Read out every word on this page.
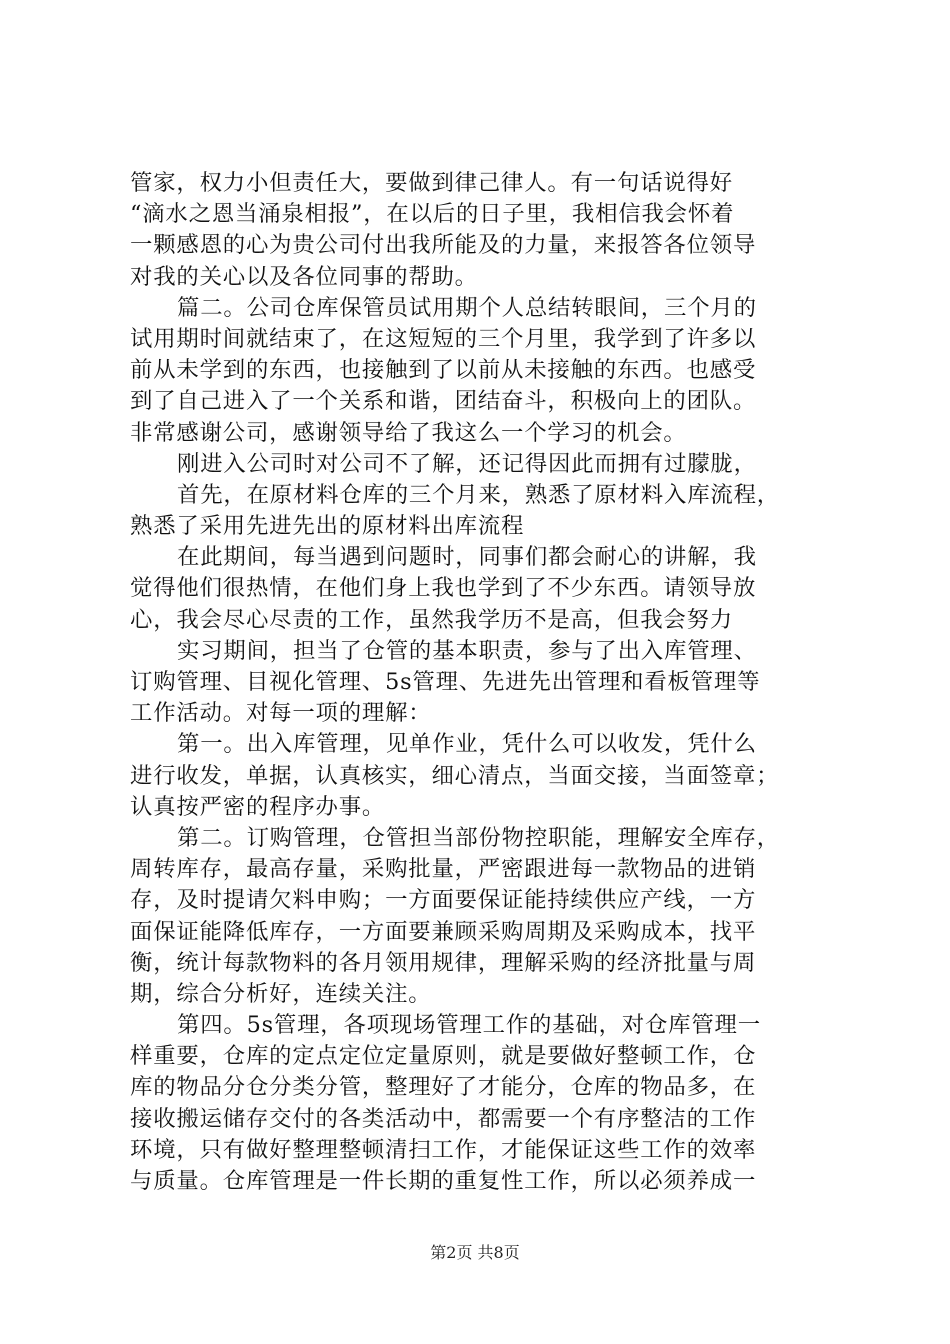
管家，权力小但责任大，要做到律己律人。有一句话说得好
“滴水之恩当涌泉相报”，在以后的日子里，我相信我会怀着
一颗感恩的心为贵公司付出我所能及的力量，来报答各位领导
对我的关心以及各位同事的帮助。
篇二。公司仓库保管员试用期个人总结转眼间，三个月的
试用期时间就结束了，在这短短的三个月里，我学到了许多以
前从未学到的东西，也接触到了以前从未接触的东西。也感受
到了自己进入了一个关系和谐，团结奋斗，积极向上的团队。
非常感谢公司，感谢领导给了我这么一个学习的机会。
刚进入公司时对公司不了解，还记得因此而拥有过朦胧，
首先，在原材料仓库的三个月来，熟悉了原材料入库流程，
熟悉了采用先进先出的原材料出库流程
在此期间，每当遇到问题时，同事们都会耐心的讲解，我
觉得他们很热情，在他们身上我也学到了不少东西。请领导放
心，我会尽心尽责的工作，虽然我学历不是高，但我会努力
实习期间，担当了仓管的基本职责，参与了出入库管理、
订购管理、目视化管理、5s管理、先进先出管理和看板管理等
工作活动。对每一项的理解：
第一。出入库管理，见单作业，凭什么可以收发，凭什么
进行收发，单据，认真核实，细心清点，当面交接，当面签章；
认真按严密的程序办事。
第二。订购管理，仓管担当部份物控职能，理解安全库存，
周转库存，最高存量，采购批量，严密跟进每一款物品的进销
存，及时提请欠料申购；一方面要保证能持续供应产线，一方
面保证能降低库存，一方面要兼顾采购周期及采购成本，找平
衡，统计每款物料的各月领用规律，理解采购的经济批量与周
期，综合分析好，连续关注。
第四。5s管理，各项现场管理工作的基础，对仓库管理一
样重要，仓库的定点定位定量原则，就是要做好整顿工作，仓
库的物品分仓分类分管，整理好了才能分，仓库的物品多，在
接收搬运储存交付的各类活动中，都需要一个有序整洁的工作
环境，只有做好整理整顿清扫工作，才能保证这些工作的效率
与质量。仓库管理是一件长期的重复性工作，所以必须养成一
第2页 共8页
